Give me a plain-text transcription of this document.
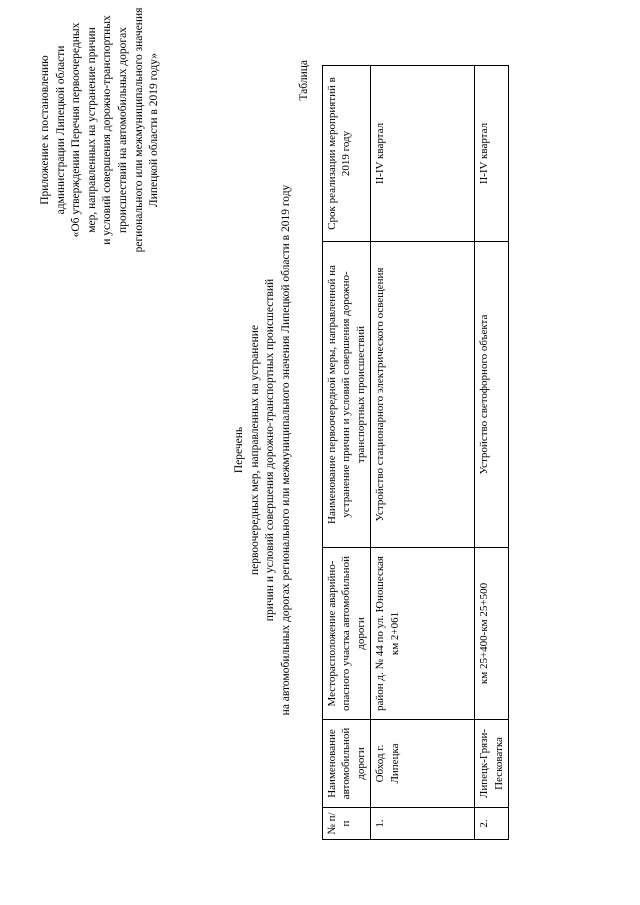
Приложение к постановлению администрации Липецкой области «Об утверждении Перечня первоочередных мер, направленных на устранение причин и условий совершения дорожно-транспортных происшествий на автомобильных дорогах регионального или межмуниципального значения Липецкой области в 2019 году»
Перечень первоочередных мер, направленных на устранение причин и условий совершения дорожно-транспортных происшествий на автомобильных дорогах регионального или межмуниципального значения Липецкой области в 2019 году
Таблица
№ п/п	Наименование автомобильной дороги	Месторасположение аварийно-опасного участка автомобильной дороги	Наименование первоочередной меры, направленной на устранение причин и условий совершения дорожно-транспортных происшествий	Срок реализации мероприятий в 2019 году
1.	Обход г. Липецка	район д. № 44 по ул. Юношеская км 2+061	Устройство стационарного электрического освещения	II-IV квартал
2.	Липецк-Грязи-Песковатка	км 25+400-км 25+500	Устройство светофорного объекта	II-IV квартал
